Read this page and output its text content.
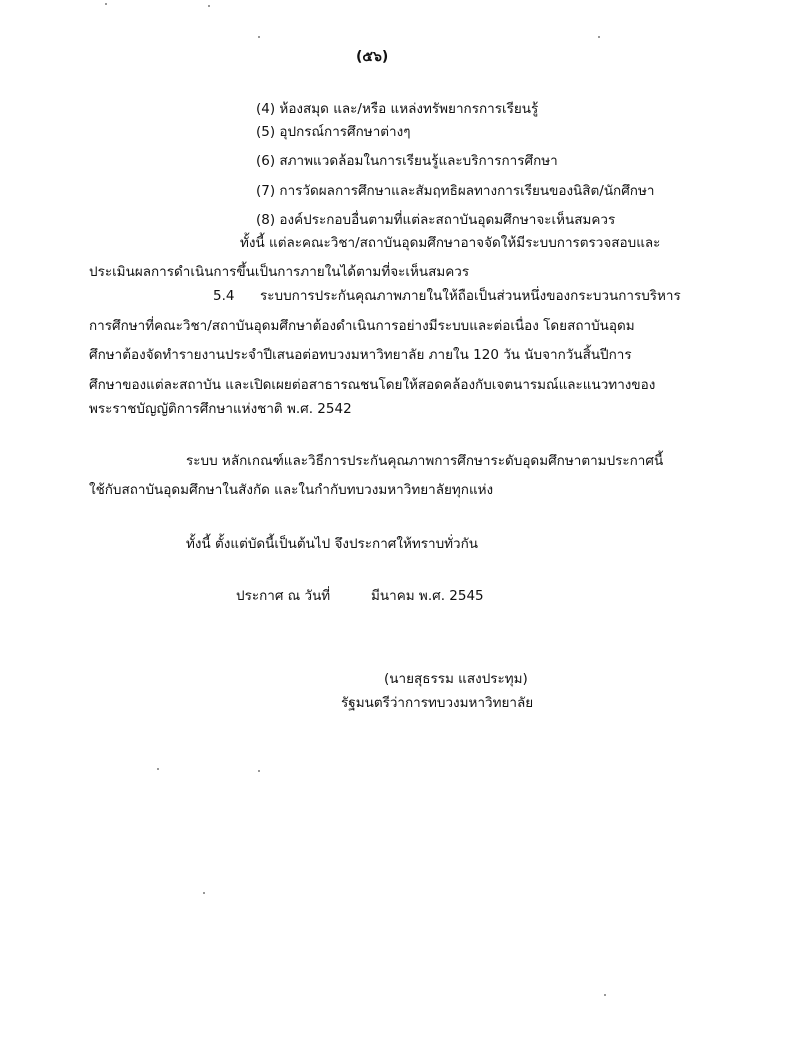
(๕๖)
(4) ห้องสมุด และ/หรือ แหล่งทรัพยากรการเรียนรู้
(5) อุปกรณ์การศึกษาต่างๆ
(6) สภาพแวดล้อมในการเรียนรู้และบริการการศึกษา
(7) การวัดผลการศึกษาและสัมฤทธิผลทางการเรียนของนิสิต/นักศึกษา
(8) องค์ประกอบอื่นตามที่แต่ละสถาบันอุดมศึกษาจะเห็นสมควร
ทั้งนี้ แต่ละคณะวิชา/สถาบันอุดมศึกษาอาจจัดให้มีระบบการตรวจสอบและ
ประเมินผลการดำเนินการขึ้นเป็นการภายในได้ตามที่จะเห็นสมควร
5.4 ระบบการประกันคุณภาพภายในให้ถือเป็นส่วนหนึ่งของกระบวนการบริหาร
การศึกษาที่คณะวิชา/สถาบันอุดมศึกษาต้องดำเนินการอย่างมีระบบและต่อเนื่อง โดยสถาบันอุดม
ศึกษาต้องจัดทำรายงานประจำปีเสนอต่อทบวงมหาวิทยาลัย ภายใน 120 วัน นับจากวันสิ้นปีการ
ศึกษาของแต่ละสถาบัน และเปิดเผยต่อสาธารณชนโดยให้สอดคล้องกับเจตนารมณ์และแนวทางของ
พระราชบัญญัติการศึกษาแห่งชาติ พ.ศ. 2542
ระบบ หลักเกณฑ์และวิธีการประกันคุณภาพการศึกษาระดับอุดมศึกษาตามประกาศนี้
ใช้กับสถาบันอุดมศึกษาในสังกัด และในกำกับทบวงมหาวิทยาลัยทุกแห่ง
ทั้งนี้ ตั้งแต่บัดนี้เป็นต้นไป จึงประกาศให้ทราบทั่วกัน
ประกาศ ณ วันที่	มีนาคม พ.ศ. 2545
(นายสุธรรม แสงประทุม)
รัฐมนตรีว่าการทบวงมหาวิทยาลัย
